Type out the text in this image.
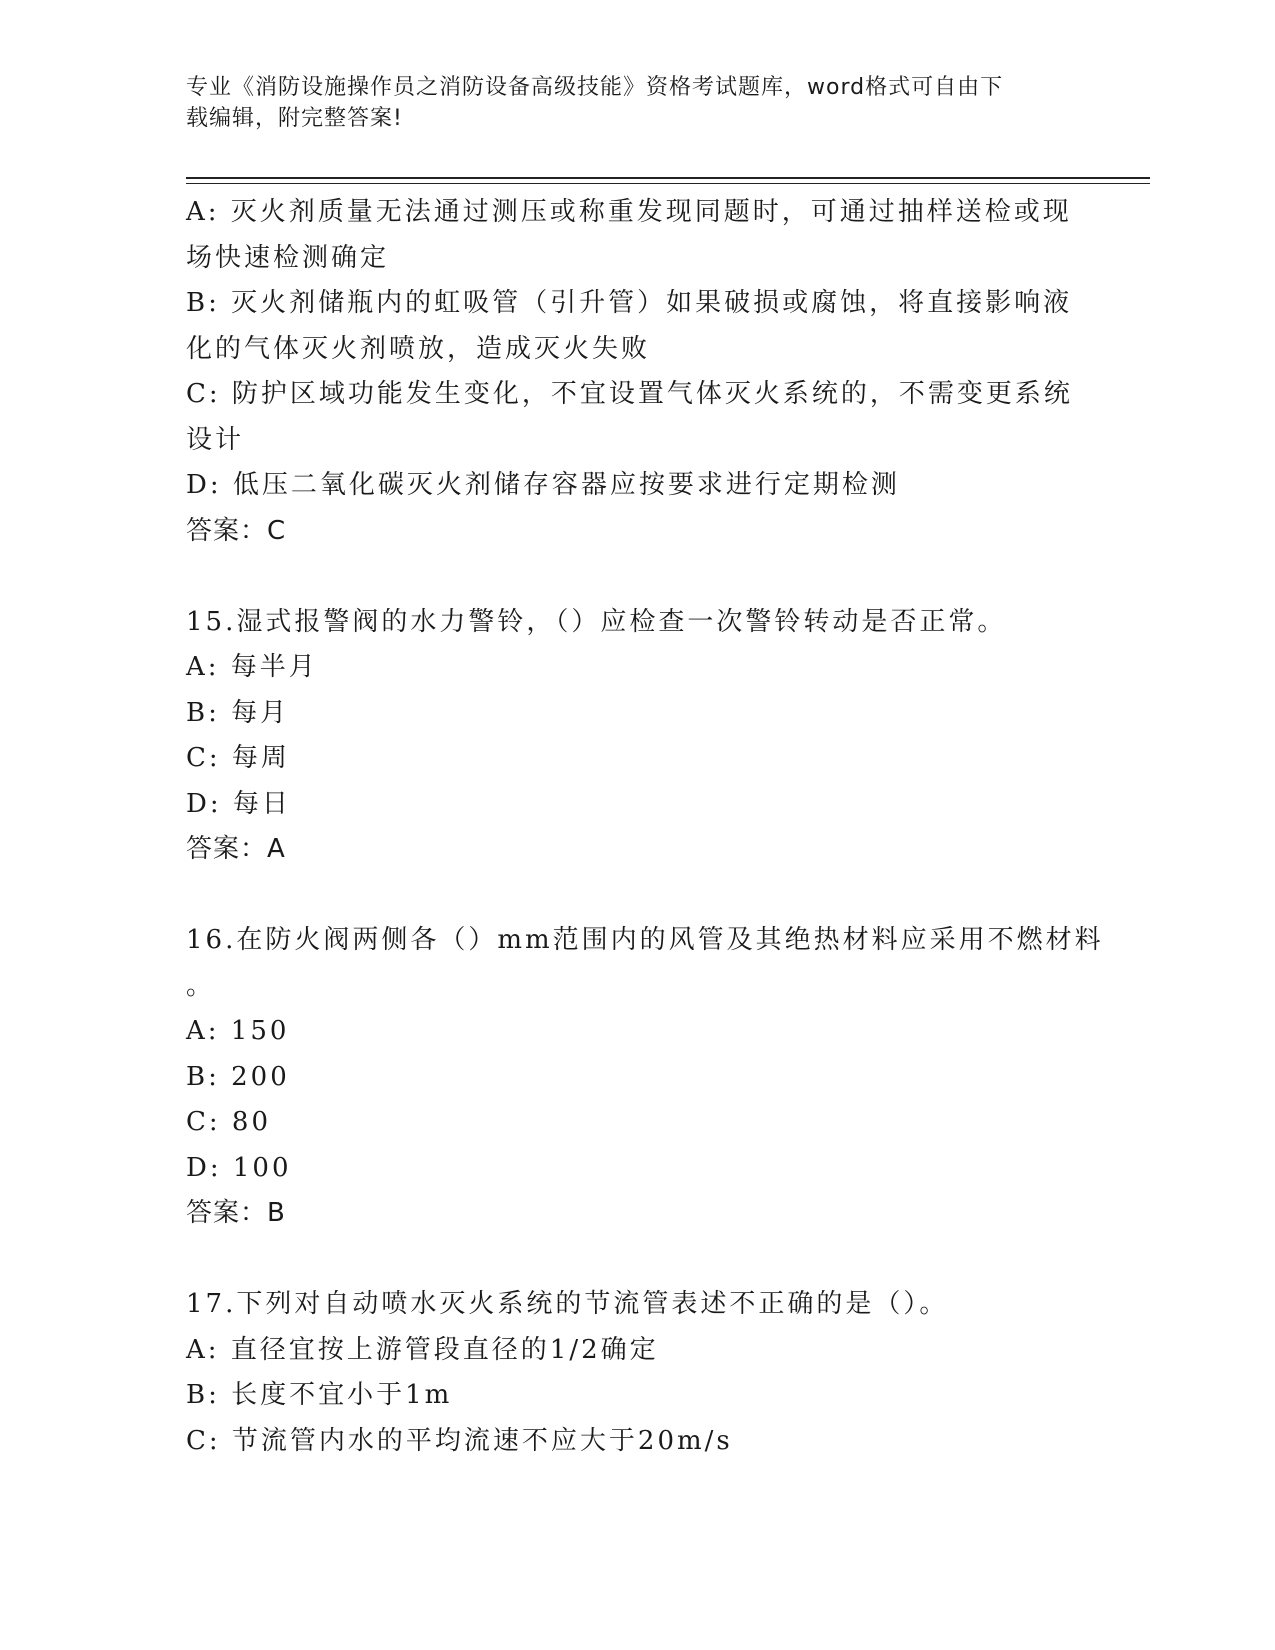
专业《消防设施操作员之消防设备高级技能》资格考试题库，word格式可自由下
载编辑，附完整答案!
A: 灭火剂质量无法通过测压或称重发现同题时，可通过抽样送检或现
场快速检测确定
B: 灭火剂储瓶内的虹吸管（引升管）如果破损或腐蚀，将直接影响液
化的气体灭火剂喷放，造成灭火失败
C: 防护区域功能发生变化，不宜设置气体灭火系统的，不需变更系统
设计
D: 低压二氧化碳灭火剂储存容器应按要求进行定期检测
答案：C
15.湿式报警阀的水力警铃，（）应检查一次警铃转动是否正常。
A: 每半月
B: 每月
C: 每周
D: 每日
答案：A
16.在防火阀两侧各（）mm范围内的风管及其绝热材料应采用不燃材料
。
A: 150
B: 200
C: 80
D: 100
答案：B
17.下列对自动喷水灭火系统的节流管表述不正确的是（）。
A: 直径宜按上游管段直径的1/2确定
B: 长度不宜小于1m
C: 节流管内水的平均流速不应大于20m/s
